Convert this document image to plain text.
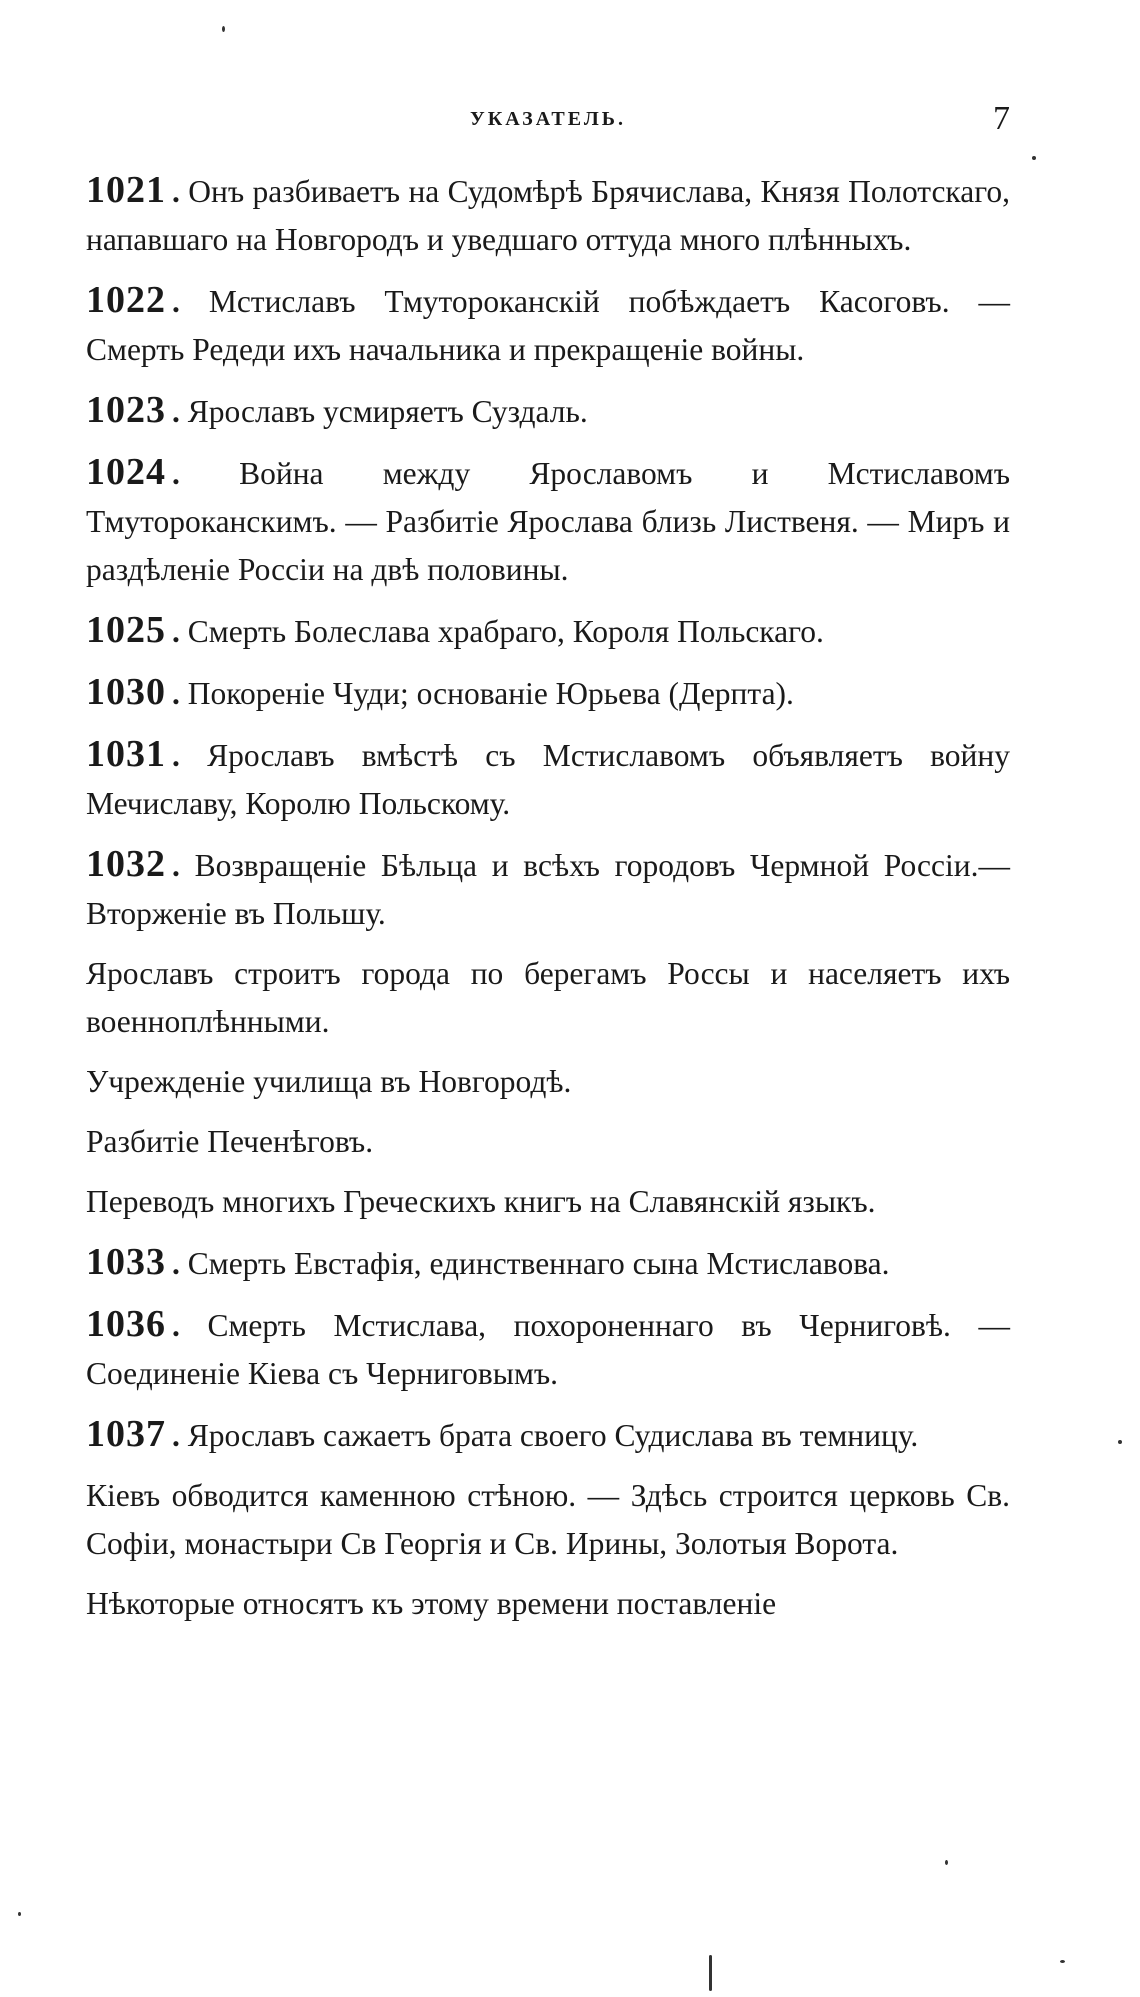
УКАЗАТЕЛЬ.	7

1021 . Онъ разбиваетъ на Судомѣрѣ Брячислава, Князя Полотскаго, напавшаго на Новгородъ и уведшаго оттуда много плѣнныхъ.

1022 . Мстиславъ Тмутороканскій побѣждаетъ Касоговъ. — Смерть Редеди ихъ начальника и прекращеніе войны.

1023 . Ярославъ усмиряетъ Суздаль.

1024 . Война между Ярославомъ и Мстиславомъ Тмутороканскимъ. — Разбитіе Ярослава близь Лиственя. — Миръ и раздѣленіе Россіи на двѣ половины.

1025 . Смерть Болеслава храбраго, Короля Польскаго.

1030 . Покореніе Чуди; основаніе Юрьева (Дерпта).

1031 . Ярославъ вмѣстѣ съ Мстиславомъ объявляетъ войну Мечиславу, Королю Польскому.

1032 . Возвращеніе Бѣльца и всѣхъ городовъ Чермной Россіи.—Вторженіе въ Польшу.

Ярославъ строитъ города по берегамъ Россы и населяетъ ихъ военноплѣнными.

Учрежденіе училища въ Новгородѣ.

Разбитіе Печенѣговъ.

Переводъ многихъ Греческихъ книгъ на Славянскій языкъ.

1033 . Смерть Евстафія, единственнаго сына Мстиславова.

1036 . Смерть Мстислава, похороненнаго въ Черниговѣ. — Соединеніе Кіева съ Черниговымъ.

1037 . Ярославъ сажаетъ брата своего Судислава въ темницу.

Кіевъ обводится каменною стѣною. — Здѣсь строится церковь Св. Софіи, монастыри Св Георгія и Св. Ирины, Золотыя Ворота.

Нѣкоторые относятъ къ этому времени поставленіе
